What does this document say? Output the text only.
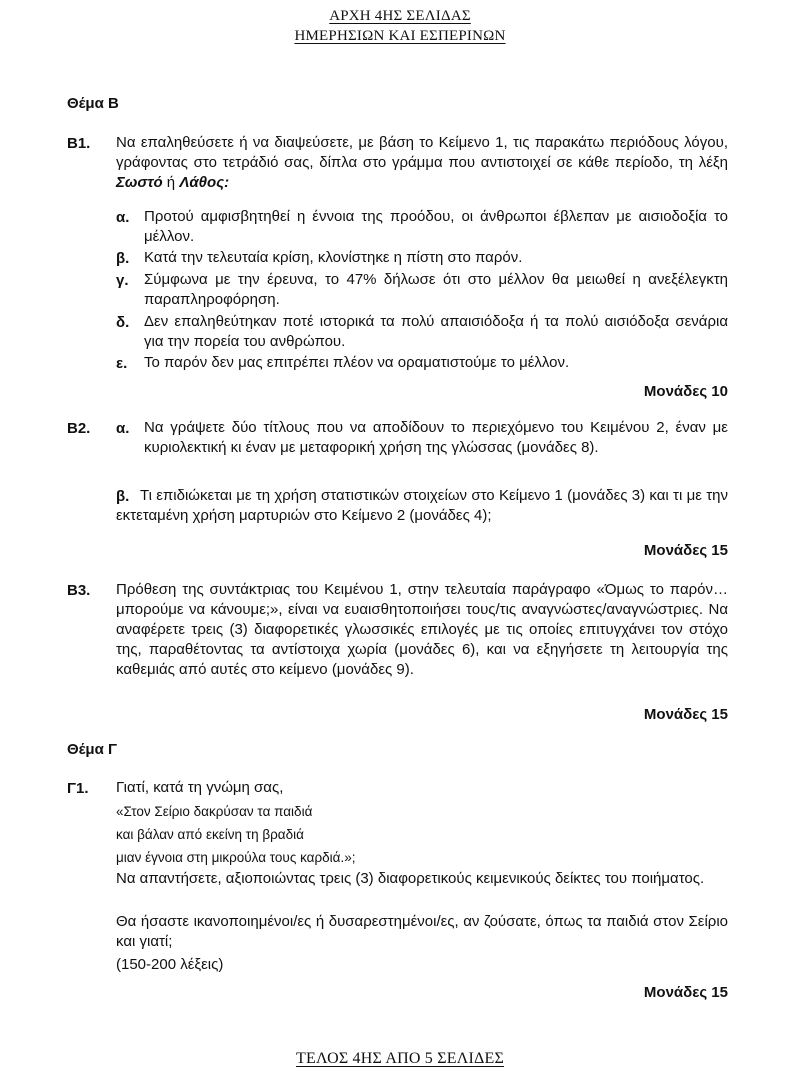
ΑΡΧΗ 4ΗΣ ΣΕΛΙΔΑΣ
ΗΜΕΡΗΣΙΩΝ ΚΑΙ ΕΣΠΕΡΙΝΩΝ
Θέμα Β
Β1. Να επαληθεύσετε ή να διαψεύσετε, με βάση το Κείμενο 1, τις παρακάτω περιόδους λόγου, γράφοντας στο τετράδιό σας, δίπλα στο γράμμα που αντιστοιχεί σε κάθε περίοδο, τη λέξη Σωστό ή Λάθος:
α. Προτού αμφισβητηθεί η έννοια της προόδου, οι άνθρωποι έβλεπαν με αισιοδοξία το μέλλον.
β. Κατά την τελευταία κρίση, κλονίστηκε η πίστη στο παρόν.
γ. Σύμφωνα με την έρευνα, το 47% δήλωσε ότι στο μέλλον θα μειωθεί η ανεξέλεγκτη παραπληροφόρηση.
δ. Δεν επαληθεύτηκαν ποτέ ιστορικά τα πολύ απαισιόδοξα ή τα πολύ αισιόδοξα σενάρια για την πορεία του ανθρώπου.
ε. Το παρόν δεν μας επιτρέπει πλέον να οραματιστούμε το μέλλον.
Μονάδες 10
Β2. α. Να γράψετε δύο τίτλους που να αποδίδουν το περιεχόμενο του Κειμένου 2, έναν με κυριολεκτική κι έναν με μεταφορική χρήση της γλώσσας (μονάδες 8).
β. Τι επιδιώκεται με τη χρήση στατιστικών στοιχείων στο Κείμενο 1 (μονάδες 3) και τι με την εκτεταμένη χρήση μαρτυριών στο Κείμενο 2 (μονάδες 4);
Μονάδες 15
Β3. Πρόθεση της συντάκτριας του Κειμένου 1, στην τελευταία παράγραφο «Όμως το παρόν… μπορούμε να κάνουμε;», είναι να ευαισθητοποιήσει τους/τις αναγνώστες/αναγνώστριες. Να αναφέρετε τρεις (3) διαφορετικές γλωσσικές επιλογές με τις οποίες επιτυγχάνει τον στόχο της, παραθέτοντας τα αντίστοιχα χωρία (μονάδες 6), και να εξηγήσετε τη λειτουργία της καθεμιάς από αυτές στο κείμενο (μονάδες 9).
Μονάδες 15
Θέμα Γ
Γ1. Γιατί, κατά τη γνώμη σας,
«Στον Σείριο δακρύσαν τα παιδιά
και βάλαν από εκείνη τη βραδιά
μιαν έγνοια στη μικρούλα τους καρδιά.»;
Να απαντήσετε, αξιοποιώντας τρεις (3) διαφορετικούς κειμενικούς δείκτες του ποιήματος.
Θα ήσαστε ικανοποιημένοι/ες ή δυσαρεστημένοι/ες, αν ζούσατε, όπως τα παιδιά στον Σείριο και γιατί;
(150-200 λέξεις)
Μονάδες 15
ΤΕΛΟΣ 4ΗΣ ΑΠΟ 5 ΣΕΛΙΔΕΣ
